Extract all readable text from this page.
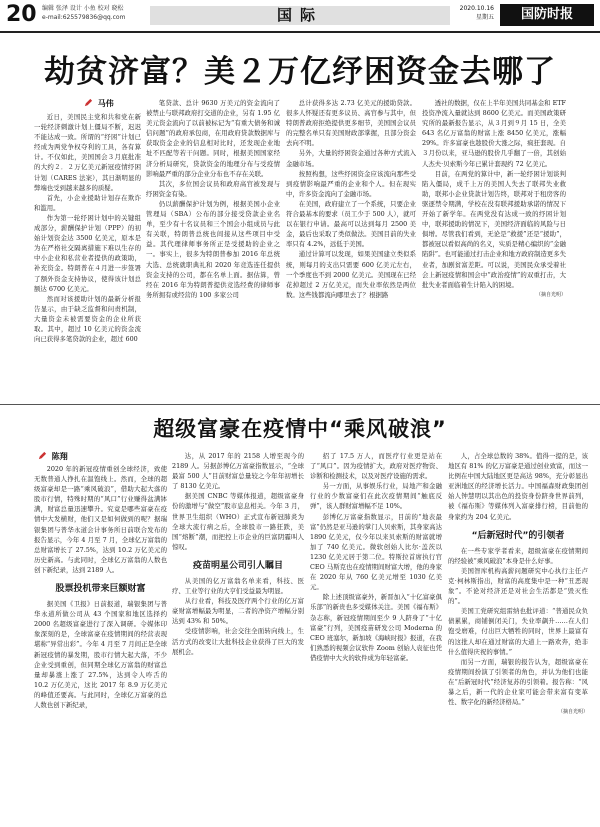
20 编辑 张泽 设计 小鱼 校对 晓松
e-mail:625579836@qq.com	国际	2020.10.16
星期五	国防时报
劫贫济富？美２万亿纾困资金去哪了
马伟

近日，美国民主党和共和党在新一轮经济刺激计划上僵局不断，迟迟不能达成一致。所谓的“纾困”计划已经成为两党争权夺利的工具，各有算计。不仅如此，美国国会３月底批准的大约２．２万亿美元新冠疫情纾困计划（CARES 法案），其日渐明显的弊端也受到越来越多的质疑。

首先，小企业援助计划存在欺诈和滥用。

作为第一轮纾困计划中的关键组成部分，薪酬保护计划（PPP）的初始计划资金达 3500 亿美元，原本是为在严格社交隔离措施下难以生存的中小企业和私营业者提供的政策助，补充资金。特朗普在４月进一步签署了额外资金支持协议，使得该计划总额达 6700 亿美元。

然而对该援助计划的最新分析报告显示，由于缺乏监督和问责机制，大量资金未被需要资金的企业所获取。其中，超过 10 亿美元的资金流向已获得多笔贷款的企业，超过 600

笔贷款、总计 9630 万美元的资金流向了被禁止与联邦政府打交道的企业，另有 1.95 亿美元资金流向了以前被标记为“有重大债务和诚信问题”的政府承包商，在用政府贷款数据库与获取资金企业的信息相对比时，还发现企业地址不匹配等若干问题。同时，根据美国国家经济分析局研究，贷款资金的地理分布与受疫情影响最严重的部分企业分布也不存在关联。

其次，多位国会议员和政府高官被发现与纾困资金有染。

仍以薪酬保护计划为例，根据美国小企业管理局（SBA）公布的部分接受贷款企业名单，至少有十名议员和三个国会小组成员与此有关联，特朗普总统也间接从这些项目中受益。其代理律师事务所正是受援助的企业之一。事实上，很多为特朗普参加 2016 年总统大选、总统就职典礼和 2020 年竞选连任提供资金支持的公司，都在名单上面。据估算，曾经在 2016 年为特朗普提供竞选经费的律师事务所拥有或经营的 100 多家公司

总计获得多达 2.73 亿美元的援助贷款。很多人怀疑还有更多议员、高官参与其中，但特朗普政府拒绝提供更多细节，美国国会议员的完整名单只有美国财政部掌握，且部分资金去向不明。

另外，大量的纾困资金通过各种方式流入金融市场。

按照构想，这些纾困资金应该流向那些受到疫情影响最严重的企业和个人。但在现实中，许多资金流向了金融市场。

在美国，政府建立了一个系统，只要企业符合最基本的要求（员工少于 500 人），就可以在银行申请。最高可以达到每月 2500 美金，最后也采取了类似做法。美国目前的失业率只有 4.2%，远低于美国。

通过计算可以发现，如果美国建立类似系统，则每月的支出只需要 600 亿美元左右，一个季度也不到 2000 亿美元。美国现在已经花掉超过 2 万亿美元，而失业率依然是两位数。这些钱都流向哪里去了？根据路

透社的数据，仅在上半年美国共同基金和 ETF 投资净流入量就达到 8600 亿美元。而美国政策研究所的最新报告显示，从３月到９月 15 日，全美 643 名亿万富翁的财富上涨 8450 亿美元，涨幅 29%。许多富豪也趁股价大涨之际，疯狂套现。自３月份以来，亚马逊的股价几乎翻了一倍，其创始人杰夫·贝索斯今年已累计套现约 72 亿美元。

目前，在两党的算计中，新一轮纾困计划谈判陷入僵局，成千上万的美国人失去了联邦失业救助，联邦小企业贷款计划告终，联邦对于租房客的驱逐禁令期满，学校在没有联邦援助承诺的情况下开始了新学年。在两党没有达成一致的纾困计划中，联邦援助的情况下，美国经济面临的风险与日俱增。尽管我们看到，无论是“救援”还是“援助”，都被冠以看似高尚的名义，实质是精心编织的“金融陷阱”。也可能通过打击企业和地方政府制造更多失业者，加剧贫富差距。可以说，美国民众承受着社会上新冠疫情和国会中“政治疫情”的双重打击，大批失业者面临着生计陷入的困境。

（摘自光明）
超级富豪在疫情中“乘风破浪”
陈翔

2020 年的新冠疫情重创全球经济，致使无数普通人挣扎在温饱线上。然而，全球的超级富豪却是一路“乘风破浪”，借助大起大落的股市行情，特殊时期的“风口”行业赚得盆满钵满，财富总量迅速攀升。究竟是哪些富豪在疫情中大发横财，他们又是如何做到的呢？据瑞银集团与普华永道会计事务所日前联合发布的报告显示，今年 4 月至 7 月，全球亿万富翁的总财富增长了 27.5%，达到 10.2 万亿美元的历史新高。与此同时，全球亿万富翁的人数也创下新纪录，达到 2189 人。

股票投机带来巨额财富

据美国《卫报》日前报道，瑞银集团与普华永道所做公司从 43 个国家和地区选择约 2000 名超级富豪进行了深入调研。令媒体印象深刻的是，全球富豪在疫情期间的经营表现堪称“异常出彩”。今年 4 月至 7 月间正是全球新冠疫情的暴发期，股市行情大起大落，不少企业受到重创，但同期全球亿万富翁的财富总量却暴涨上涨了 27.5%，达到令人咋舌的 10.2 万亿美元，这比 2017 年 8.9 万亿美元的峰值还要高。与此同时，全球亿万富豪的总人数也创下新纪录，

达，从 2017 年的 2158 人增至现今的 2189 人。另据彭博亿万富豪指数显示，“全球最富 500 人”目前财富总量较之今年年初增长了 8130 亿美元。

据美国 CNBC 等媒体报道，超级富豪身份的激增与“做空”股市息息相关。今年 3 月，世界卫生组织（WHO）正式宣布新冠肺炎为全球大流行病之后，全球股市一路狂跌，美国“熔断”潮，而把控上市企业的巨富阴霾叫人惊叹。

疫苗明星公司引人瞩目

从美国的亿万富翁名单来看，科技、医疗、工业等行业的大亨们受益最为明显。

从行业看，科技及医疗两个行业的亿万富豪财富增幅最为明显，二者的净资产增幅分别达到 43% 和 50%。

受疫情影响，社会交往全面转向线上，生活方式的改变让大批科技企业获得了巨大的发展机会。

招了 17.5 万人，而医疗行业更是站在了“风口”。因为疫情扩大，政府对医疗物资、诊断和检测技术，以及对医疗设施的需求。

另一方面，从事娱乐行业，局地产和金融行业的少数富豪们在此次疫情期间“触底反弹”，该人群财富增幅不足 10%。

彭博亿万富豪指数显示，目前的“地表最富”仍然是亚马逊的掌门人贝索斯，其身家高达 1890 亿美元，仅今年以来贝索斯的财富就增加了 740 亿美元。微软创始人比尔·盖茨以 1230 亿美元居于第二位。特斯拉首席执行官 CEO 马斯克也在疫情期间财富大增，他的身家在 2020 年从 760 亿美元增至 1030 亿美元。

除上述顶级富豪外，新晋加入“十亿富豪俱乐部”的新贵也多受媒体关注。美国《福布斯》杂志称，新冠疫情期间至少 9 人跻身了“十亿富豪”行列，美国疫苗研发公司 Moderna 的 CEO 班塞尔，新加坡《海峡时报》报道，在我们熟悉的视频会议软件 Zoom 创始人袁征也凭借疫情中大火的软件成为年轻富豪。

人，占全球总数的 38%。值得一提的是，该地区有 81% 的亿万富豪是通过创业致富，而这一比例在中国大陆地区更是高达 98%，充分彰显出亚洲地区的经济增长活力。中国福森财政集团创始人钟慧明以其出色的投资身份跻身世界前列，被《福布斯》等媒体列入富豪排行榜，目前他的身家约为 204 亿美元。

“后新冠时代”的引领者

在一些专家学者看来，超级富豪在疫情期间的经验被“乘风破浪”本身是什么好事。

美国智库机构高薪问题研究中心执行主任卢克·柯林斯指出，财富的高度集中是一种“丑恶现象”。不论对经济还是对社会生活都是“毁灭性的”。

美国工党研究组雷纳也批评道：“普通民众负债累累，商铺倒闭关门，失业率飙升……在人们饱受磨难，付出巨大牺牲的同时，世界上最富有的这批人却在通过财富的大道上一路欢奔，绝非什么值得庆祝的事情。”

而另一方面，瑞银的报告认为，超级富豪在疫情期间扮演了引领者的角色，并认为他们也能在“后新冠时代”经济复苏的引领着。报告称：“风暴之后，新一代的企业家可能会带来富有变革性、数字化的新经济格局。”

（摘自光明）
